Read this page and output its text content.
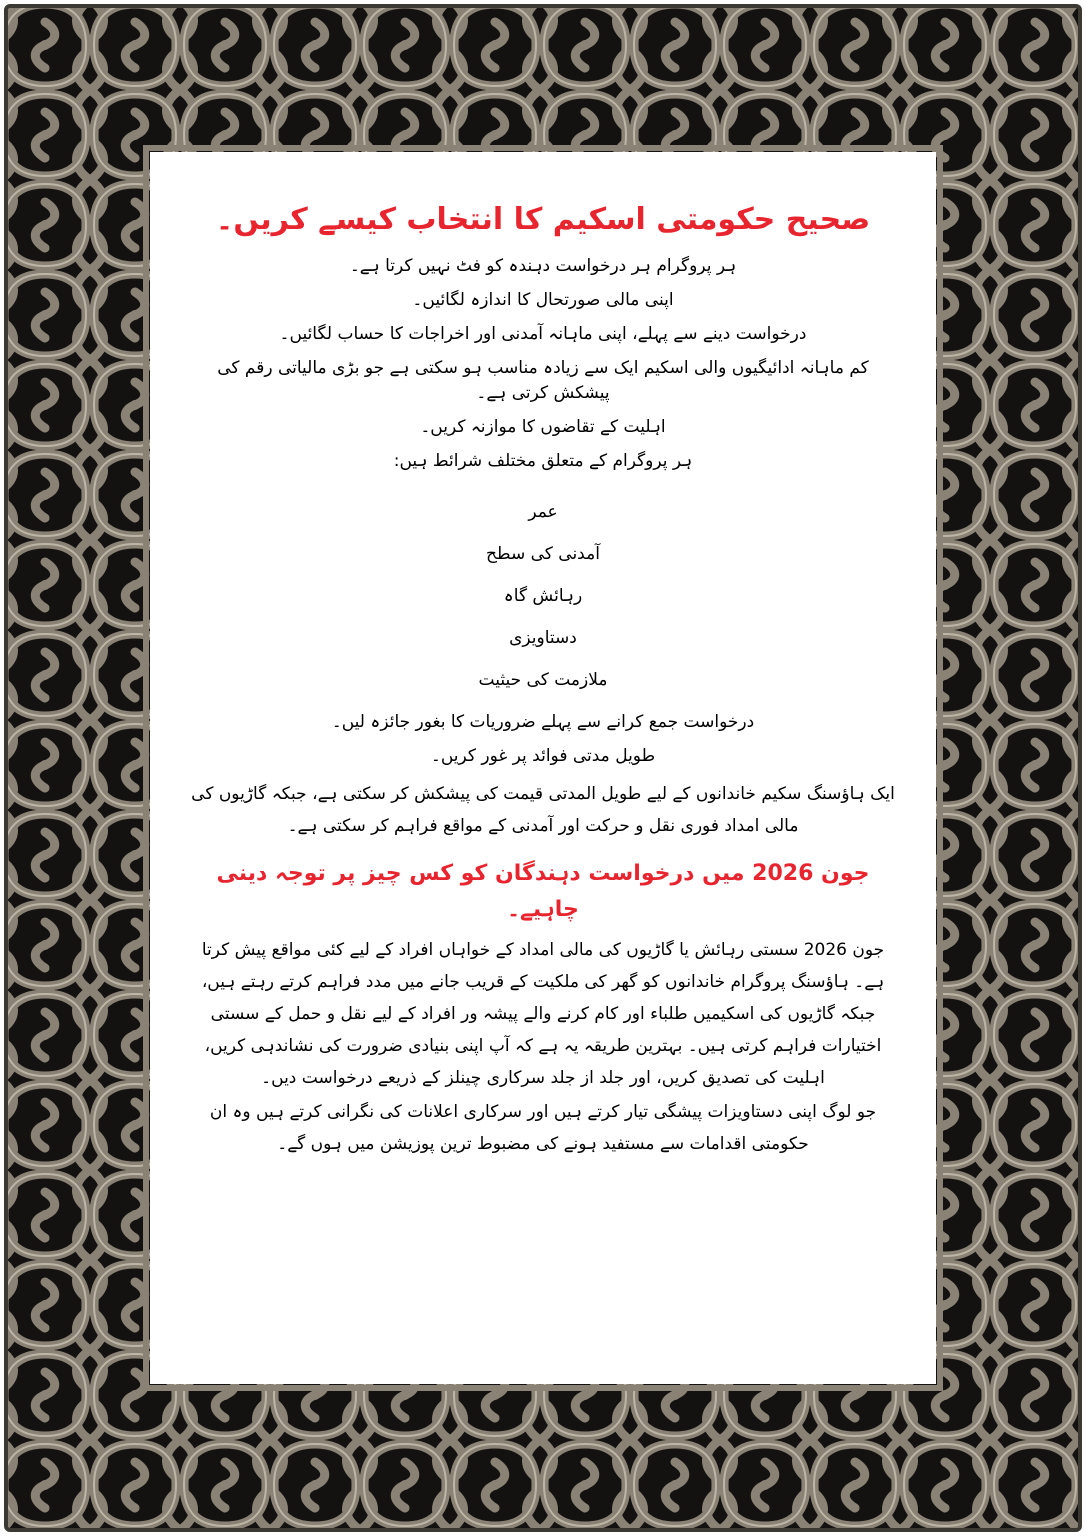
صحیح حکومتی اسکیم کا انتخاب کیسے کریں۔

ہر پروگرام ہر درخواست دہندہ کو فٹ نہیں کرتا ہے۔

اپنی مالی صورتحال کا اندازہ لگائیں۔

درخواست دینے سے پہلے، اپنی ماہانہ آمدنی اور اخراجات کا حساب لگائیں۔

کم ماہانہ ادائیگیوں والی اسکیم ایک سے زیادہ مناسب ہو سکتی ہے جو بڑی مالیاتی رقم کی پیشکش کرتی ہے۔

اہلیت کے تقاضوں کا موازنہ کریں۔

ہر پروگرام کے متعلق مختلف شرائط ہیں:

عمر

آمدنی کی سطح

رہائش گاہ

دستاویزی

ملازمت کی حیثیت

درخواست جمع کرانے سے پہلے ضروریات کا بغور جائزہ لیں۔

طویل مدتی فوائد پر غور کریں۔

ایک ہاؤسنگ سکیم خاندانوں کے لیے طویل المدتی قیمت کی پیشکش کر سکتی ہے، جبکہ گاڑیوں کی مالی امداد فوری نقل و حرکت اور آمدنی کے مواقع فراہم کر سکتی ہے۔

جون 2026 میں درخواست دہندگان کو کس چیز پر توجہ دینی چاہیے۔

جون 2026 سستی رہائش یا گاڑیوں کی مالی امداد کے خواہاں افراد کے لیے کئی مواقع پیش کرتا ہے۔ ہاؤسنگ پروگرام خاندانوں کو گھر کی ملکیت کے قریب جانے میں مدد فراہم کرتے رہتے ہیں، جبکہ گاڑیوں کی اسکیمیں طلباء اور کام کرنے والے پیشہ ور افراد کے لیے نقل و حمل کے سستی اختیارات فراہم کرتی ہیں۔ بہترین طریقہ یہ ہے کہ آپ اپنی بنیادی ضرورت کی نشاندہی کریں، اہلیت کی تصدیق کریں، اور جلد از جلد سرکاری چینلز کے ذریعے درخواست دیں۔

جو لوگ اپنی دستاویزات پیشگی تیار کرتے ہیں اور سرکاری اعلانات کی نگرانی کرتے ہیں وہ ان حکومتی اقدامات سے مستفید ہونے کی مضبوط ترین پوزیشن میں ہوں گے۔
